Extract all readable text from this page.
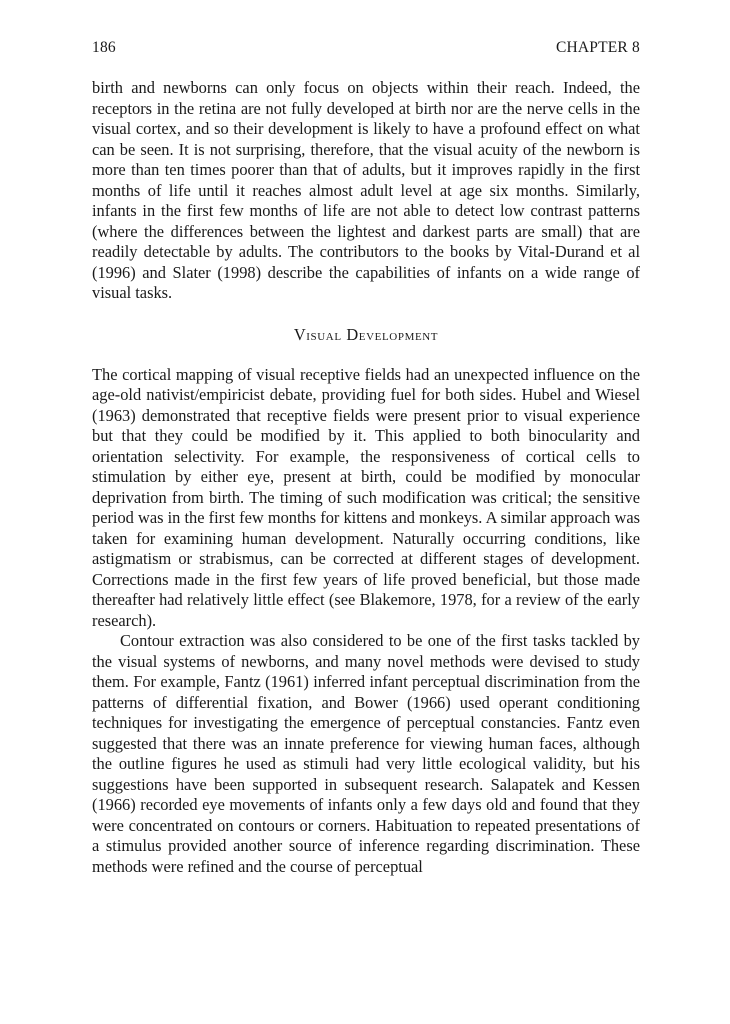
186	CHAPTER 8

birth and newborns can only focus on objects within their reach. Indeed, the receptors in the retina are not fully developed at birth nor are the nerve cells in the visual cortex, and so their development is likely to have a profound effect on what can be seen. It is not surprising, therefore, that the visual acuity of the newborn is more than ten times poorer than that of adults, but it improves rapidly in the first months of life until it reaches almost adult level at age six months. Similarly, infants in the first few months of life are not able to detect low contrast patterns (where the differences between the lightest and darkest parts are small) that are readily detectable by adults. The contributors to the books by Vital-Durand et al (1996) and Slater (1998) describe the capabilities of infants on a wide range of visual tasks.

Visual Development

The cortical mapping of visual receptive fields had an unexpected influence on the age-old nativist/empiricist debate, providing fuel for both sides. Hubel and Wiesel (1963) demonstrated that receptive fields were present prior to visual experience but that they could be modified by it. This applied to both binocularity and orientation selectivity. For example, the responsiveness of cortical cells to stimulation by either eye, present at birth, could be modified by monocular deprivation from birth. The timing of such modification was critical; the sensitive period was in the first few months for kittens and monkeys. A similar approach was taken for examining human development. Naturally occurring conditions, like astigmatism or strabismus, can be corrected at different stages of development. Corrections made in the first few years of life proved beneficial, but those made thereafter had relatively little effect (see Blakemore, 1978, for a review of the early research).

Contour extraction was also considered to be one of the first tasks tackled by the visual systems of newborns, and many novel methods were devised to study them. For example, Fantz (1961) inferred infant perceptual discrimination from the patterns of differential fixation, and Bower (1966) used operant conditioning techniques for investigating the emergence of perceptual constancies. Fantz even suggested that there was an innate preference for viewing human faces, although the outline figures he used as stimuli had very little ecological validity, but his suggestions have been supported in subsequent research. Salapatek and Kessen (1966) recorded eye movements of infants only a few days old and found that they were concentrated on contours or corners. Habituation to repeated presentations of a stimulus provided another source of inference regarding discrimination. These methods were refined and the course of perceptual
